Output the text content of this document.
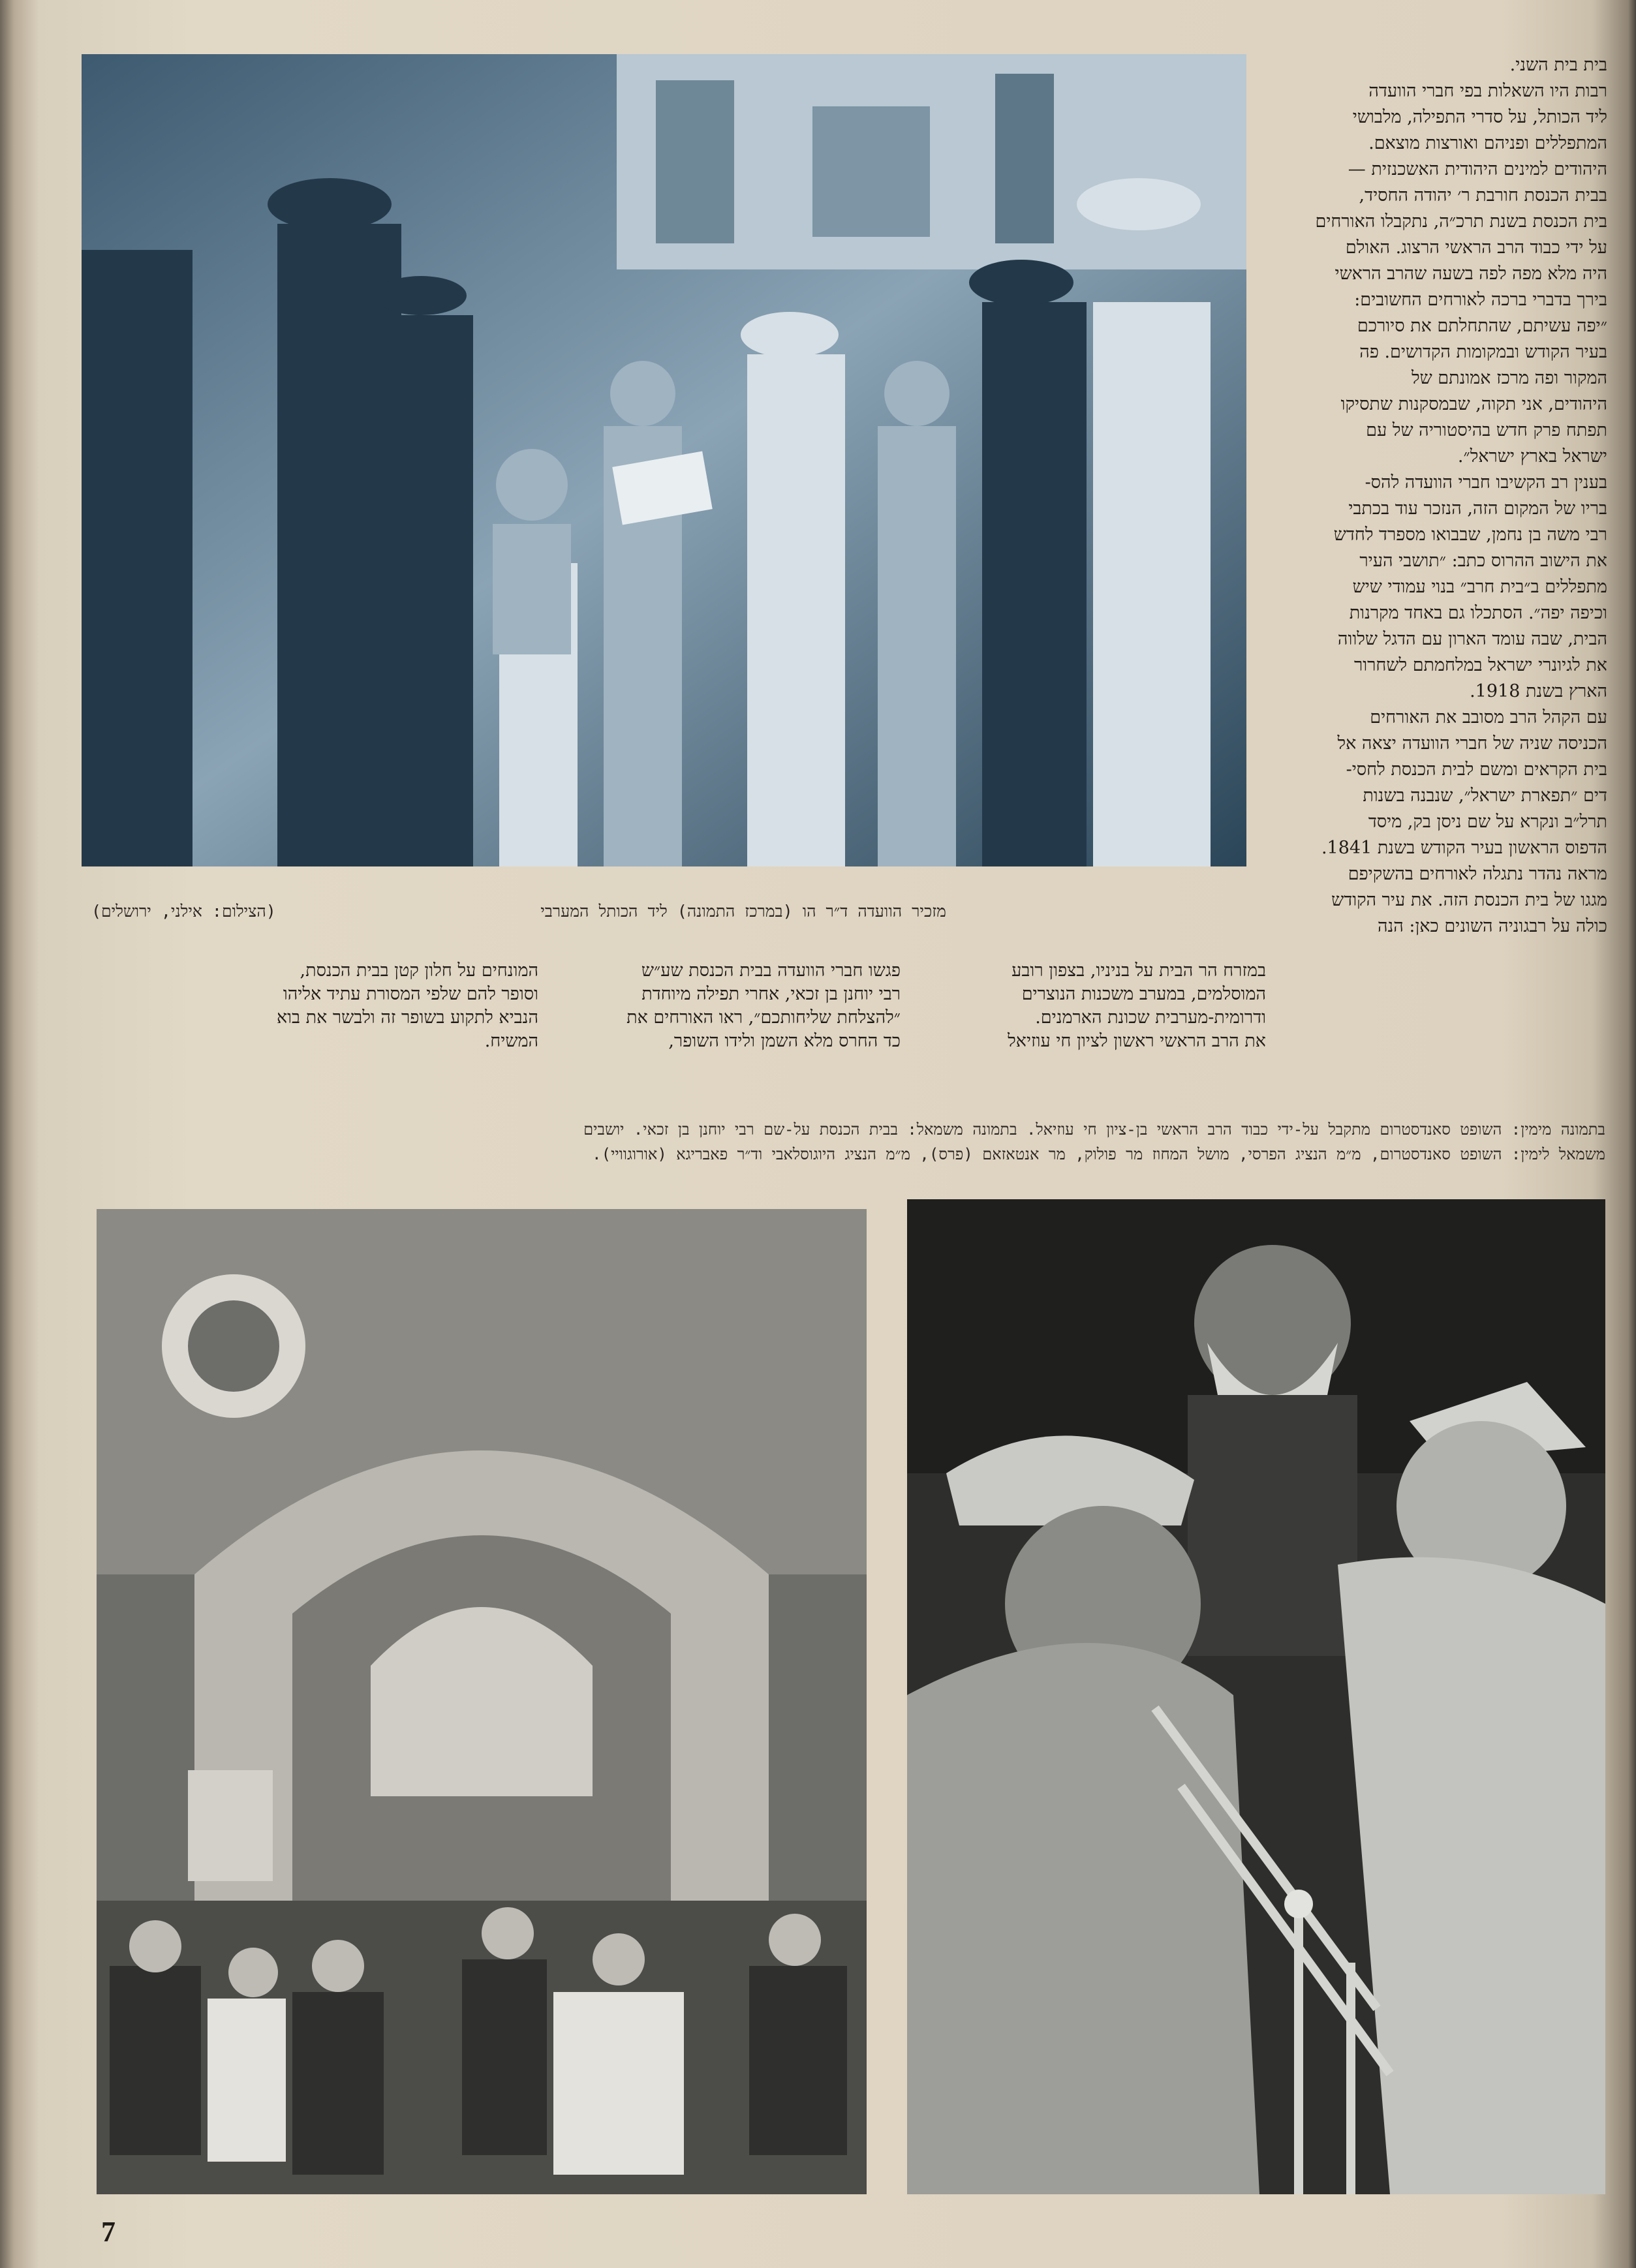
בית בית השני.

רבות היו השאלות בפי חברי הוועדה

ליד הכותל, על סדרי התפילה, מלבושי

המתפללים ופניהם ואורצות מוצאם.

היהודים למינים היהודית האשכנזית —

בבית הכנסת חורבת ר׳ יהודה החסיד,

בית הכנסת בשנת תרכ״ה, נתקבלו האורחים

על ידי כבוד הרב הראשי הרצוג. האולם

היה מלא מפה לפה בשעה שהרב הראשי

בירך בדברי ברכה לאורחים החשובים:

״יפה עשיתם, שהתחלתם את סיורכם

בעיר הקודש ובמקומות הקדושים. פה

המקור ופה מרכז אמונתם של

היהודים, אני תקוה, שבמסקנות שתסיקו

תפתח פרק חדש בהיסטוריה של עם

ישראל בארץ ישראל״.

בענין רב הקשיבו חברי הוועדה להס-

בריו של המקום הזה, הנזכר עוד בכתבי

רבי משה בן נחמן, שבבואו מספרד לחדש

את הישוב ההרוס כתב: ״תושבי העיר

מתפללים ב״בית חרב״ בנוי עמודי שיש

וכיפה יפה״. הסתכלו גם באחד מקרנות

הבית, שבה עומד הארון עם הדגל שלווה

את לגיונרי ישראל במלחמתם לשחרור

הארץ בשנת 1918.

עם הקהל הרב מסובב את האורחים

הכניסה שניה של חברי הוועדה יצאה אל

בית הקראים ומשם לבית הכנסת לחסי-

דים ״תפארת ישראל״, שנבנה בשנות

תרל״ב ונקרא על שם ניסן בק, מיסד

הדפוס הראשון בעיר הקודש בשנת 1841.

מראה נהדר נתגלה לאורחים בהשקיפם

מגגו של בית הכנסת הזה. את עיר הקודש

כולה על רבגוניה השונים כאן: הנה

מזכיר הוועדה ד״ר הו (במרכז התמונה) ליד הכותל המערבי
(הצילום: אילני, ירושלים)

במזרח הר הבית על בניניו, בצפון רובע

המוסלמים, במערב משכנות הנוצרים

ודרומית-מערבית שכונת הארמנים.

את הרב הראשי ראשון לציון חי עוזיאל

פגשו חברי הוועדה בבית הכנסת שע״ש

רבי יוחנן בן זכאי, אחרי תפילה מיוחדת

״להצלחת שליחותכם״, ראו האורחים את

כד החרס מלא השמן ולידו השופר,

המונחים על חלון קטן בבית הכנסת,

וסופר להם שלפי המסורת עתיד אליהו

הנביא לתקוע בשופר זה ולבשר את בוא

המשיח.

בתמונה מימין: השופט סאנדסטרום מתקבל על-ידי כבוד הרב הראשי בן-ציון חי עוזיאל. בתמונה משמאל: בבית הכנסת על-שם רבי יוחנן בן זכאי. יושבים
משמאל לימין: השופט סאנדסטרום, מ״מ הנציג הפרסי, מושל המחוז מר פולוק, מר אנטאזאם (פרס), מ״מ הנציג היוגוסלאבי וד״ר פאבריגא (אורוגוויי).
7
